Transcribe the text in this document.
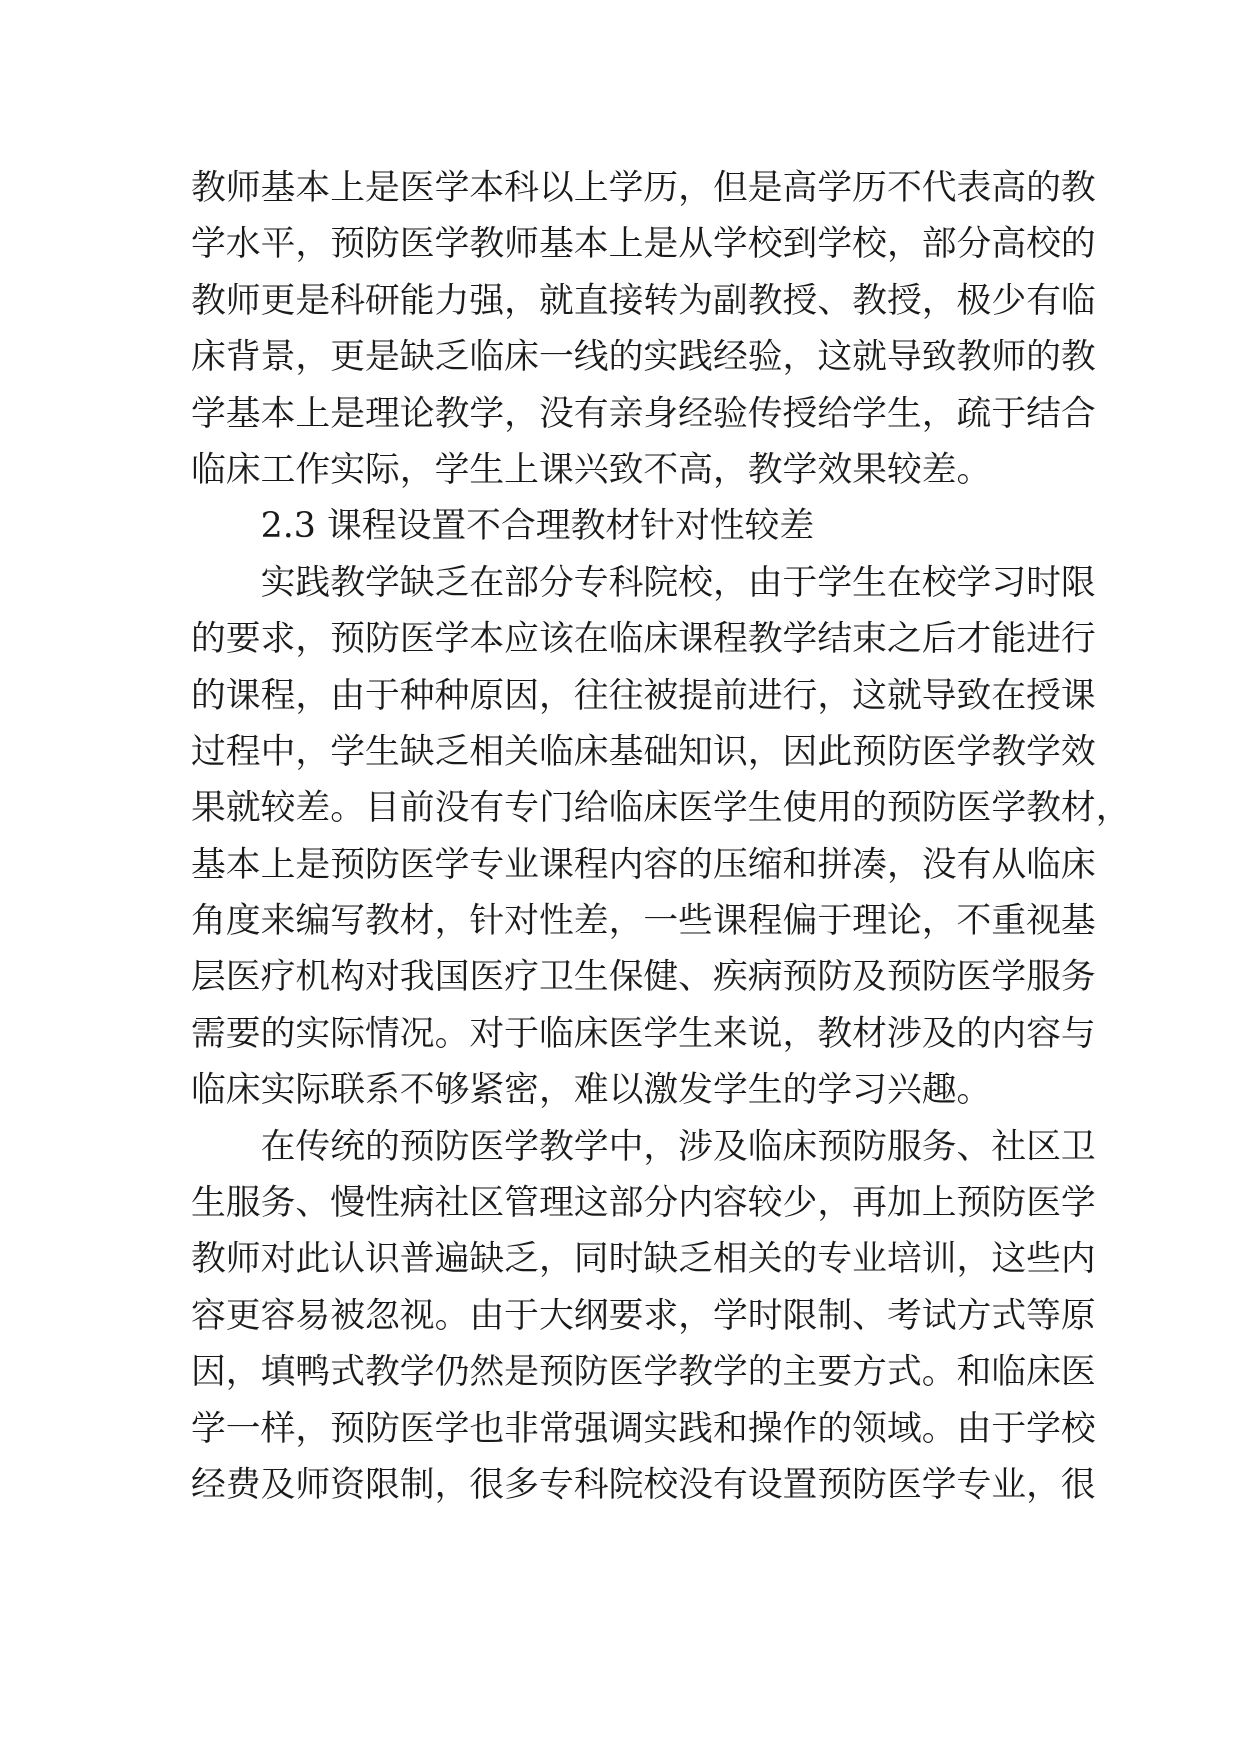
教师基本上是医学本科以上学历，但是高学历不代表高的教
学水平，预防医学教师基本上是从学校到学校，部分高校的
教师更是科研能力强，就直接转为副教授、教授，极少有临
床背景，更是缺乏临床一线的实践经验，这就导致教师的教
学基本上是理论教学，没有亲身经验传授给学生，疏于结合
临床工作实际，学生上课兴致不高，教学效果较差。
2.3 课程设置不合理教材针对性较差
实践教学缺乏在部分专科院校，由于学生在校学习时限
的要求，预防医学本应该在临床课程教学结束之后才能进行
的课程，由于种种原因，往往被提前进行，这就导致在授课
过程中，学生缺乏相关临床基础知识，因此预防医学教学效
果就较差。目前没有专门给临床医学生使用的预防医学教材，
基本上是预防医学专业课程内容的压缩和拼凑，没有从临床
角度来编写教材，针对性差，一些课程偏于理论，不重视基
层医疗机构对我国医疗卫生保健、疾病预防及预防医学服务
需要的实际情况。对于临床医学生来说，教材涉及的内容与
临床实际联系不够紧密，难以激发学生的学习兴趣。
在传统的预防医学教学中，涉及临床预防服务、社区卫
生服务、慢性病社区管理这部分内容较少，再加上预防医学
教师对此认识普遍缺乏，同时缺乏相关的专业培训，这些内
容更容易被忽视。由于大纲要求，学时限制、考试方式等原
因，填鸭式教学仍然是预防医学教学的主要方式。和临床医
学一样，预防医学也非常强调实践和操作的领域。由于学校
经费及师资限制，很多专科院校没有设置预防医学专业，很
